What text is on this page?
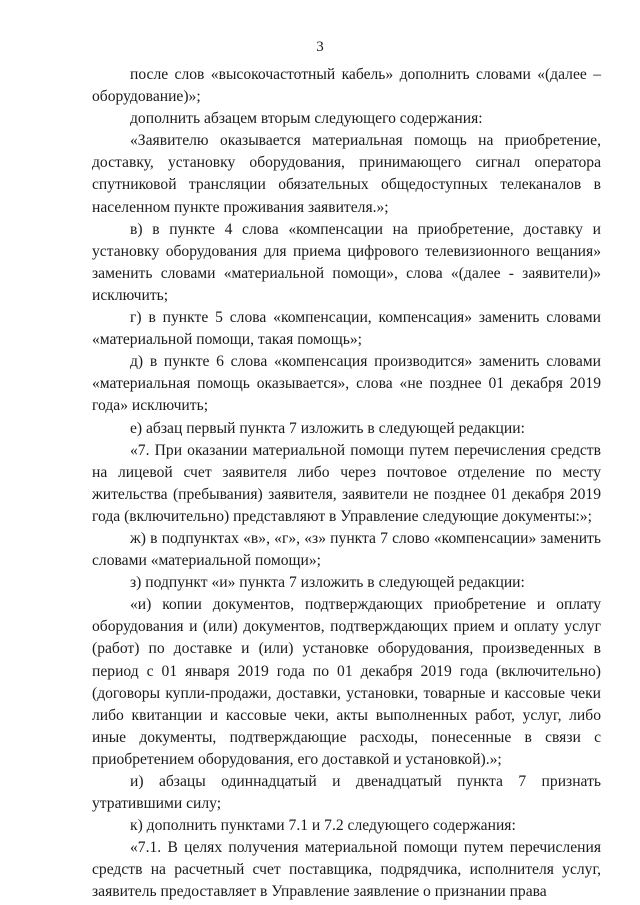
3

после слов «высокочастотный кабель» дополнить словами «(далее – оборудование)»;

дополнить абзацем вторым следующего содержания:

«Заявителю оказывается материальная помощь на приобретение, доставку, установку оборудования, принимающего сигнал оператора спутниковой трансляции обязательных общедоступных телеканалов в населенном пункте проживания заявителя.»;

в) в пункте 4 слова «компенсации на приобретение, доставку и установку оборудования для приема цифрового телевизионного вещания» заменить словами «материальной помощи», слова «(далее - заявители)» исключить;

г) в пункте 5 слова «компенсации, компенсация» заменить словами «материальной помощи, такая помощь»;

д) в пункте 6 слова «компенсация производится» заменить словами «материальная помощь оказывается», слова «не позднее 01 декабря 2019 года» исключить;

е) абзац первый пункта 7 изложить в следующей редакции:

«7. При оказании материальной помощи путем перечисления средств на лицевой счет заявителя либо через почтовое отделение по месту жительства (пребывания) заявителя, заявители не позднее 01 декабря 2019 года (включительно) представляют в Управление следующие документы:»;

ж) в подпунктах «в», «г», «з» пункта 7 слово «компенсации» заменить словами «материальной помощи»;

з) подпункт «и» пункта 7 изложить в следующей редакции:

«и) копии документов, подтверждающих приобретение и оплату оборудования и (или) документов, подтверждающих прием и оплату услуг (работ) по доставке и (или) установке оборудования, произведенных в период с 01 января 2019 года по 01 декабря 2019 года (включительно) (договоры купли-продажи, доставки, установки, товарные и кассовые чеки либо квитанции и кассовые чеки, акты выполненных работ, услуг, либо иные документы, подтверждающие расходы, понесенные в связи с приобретением оборудования, его доставкой и установкой).»;

и) абзацы одиннадцатый и двенадцатый пункта 7 признать утратившими силу;

к) дополнить пунктами 7.1 и 7.2 следующего содержания:

«7.1. В целях получения материальной помощи путем перечисления средств на расчетный счет поставщика, подрядчика, исполнителя услуг, заявитель предоставляет в Управление заявление о признании права
